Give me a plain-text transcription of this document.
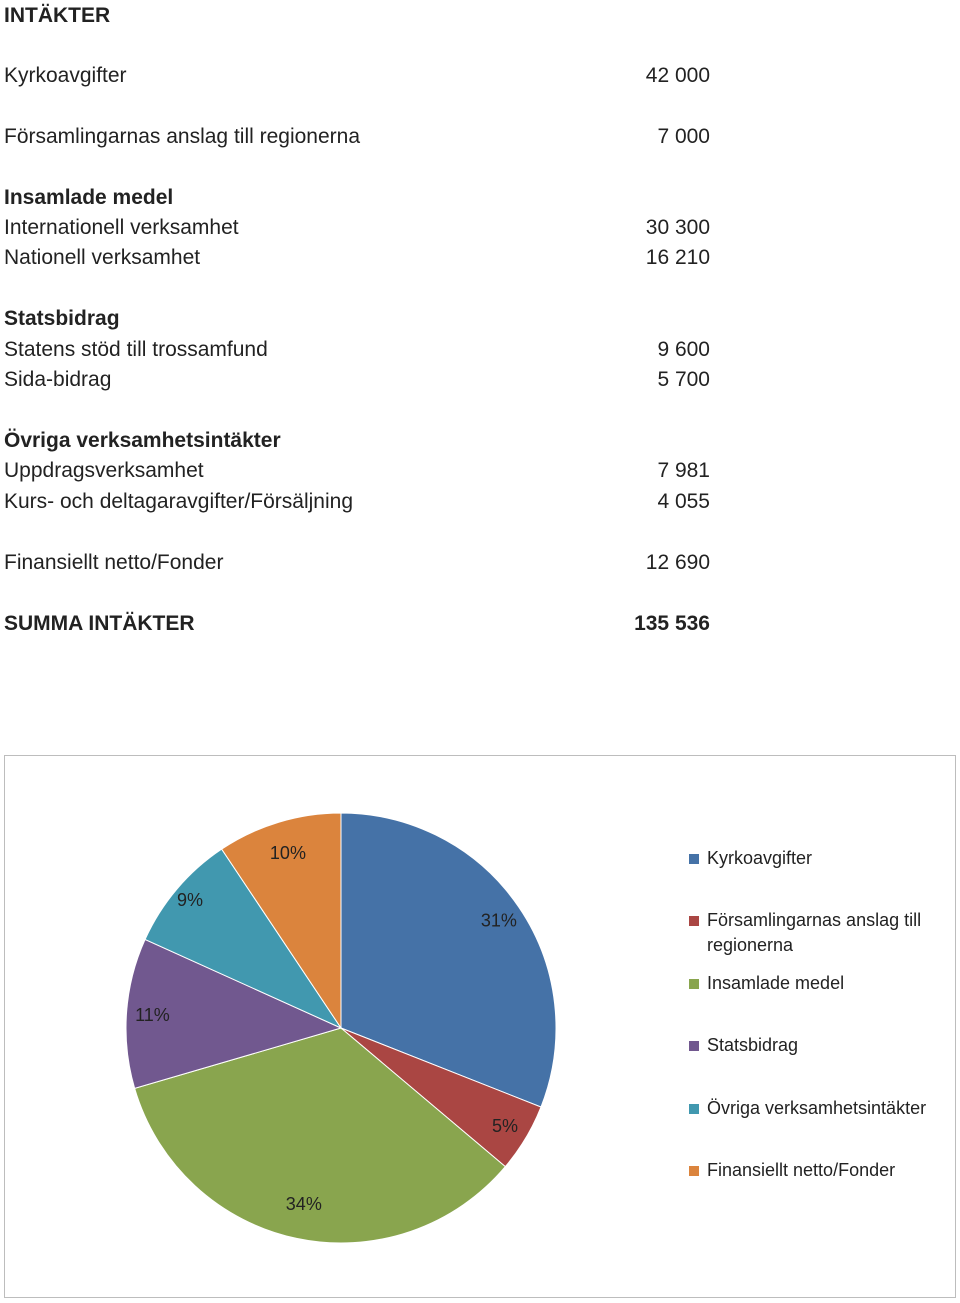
INTÄKTER
Kyrkoavgifter	42 000
Församlingarnas anslag till regionerna	7 000
Insamlade medel
Internationell verksamhet	30 300
Nationell verksamhet	16 210
Statsbidrag
Statens stöd till trossamfund	9 600
Sida-bidrag	5 700
Övriga verksamhetsintäkter
Uppdragsverksamhet	7 981
Kurs- och deltagaravgifter/Försäljning	4 055
Finansiellt netto/Fonder	12 690
SUMMA INTÄKTER	135 536
31%
5%
34%
11%
9%
10%	Kyrkoavgifter
Församlingarnas anslag till regionerna
Insamlade medel
Statsbidrag
Övriga verksamhetsintäkter
Finansiellt netto/Fonder
